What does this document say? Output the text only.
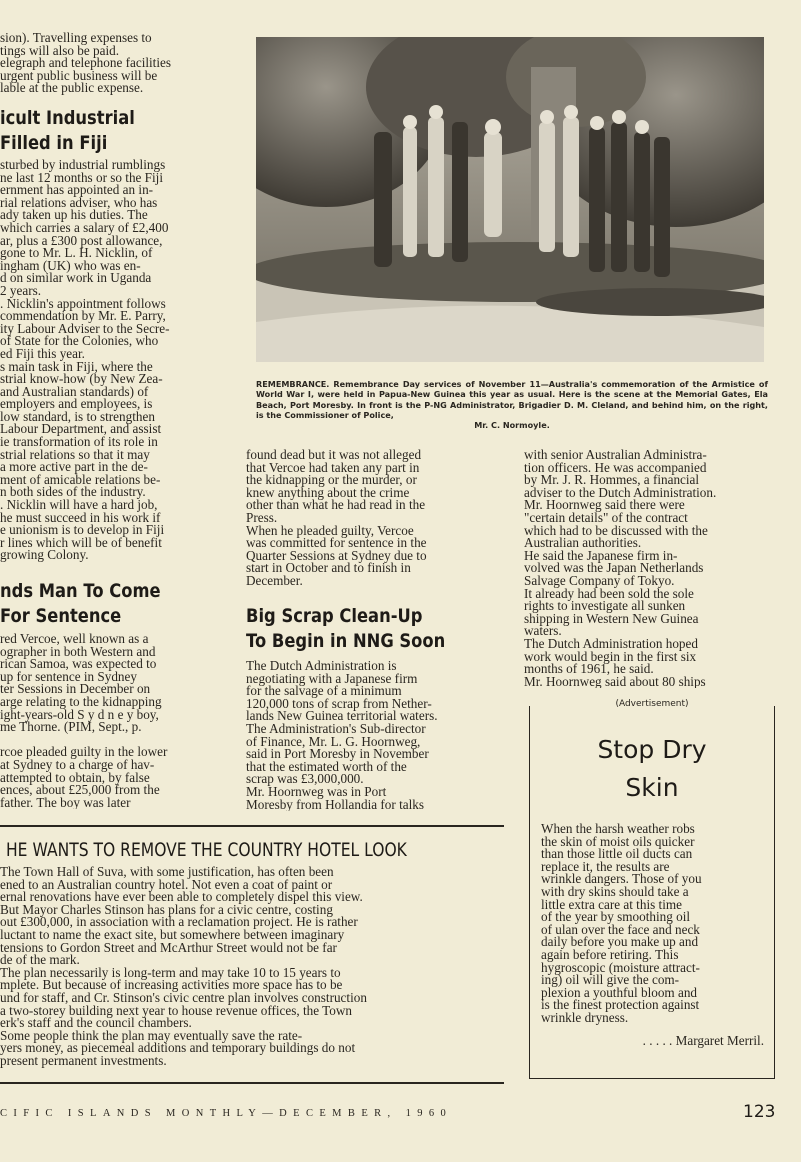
sion). Travelling expenses to
tings will also be paid.
elegraph and telephone facilities
urgent public business will be
lable at the public expense.
icult Industrial
Filled in Fiji
sturbed by industrial rumblings
ne last 12 months or so the Fiji
ernment has appointed an in-
rial relations adviser, who has
ady taken up his duties. The
which carries a salary of £2,400
ar, plus a £300 post allowance,
gone to Mr. L. H. Nicklin, of
ingham (UK) who was en-
d on similar work in Uganda
2 years.
. Nicklin's appointment follows
commendation by Mr. E. Parry,
ity Labour Adviser to the Secre-
of State for the Colonies, who
ed Fiji this year.
s main task in Fiji, where the
strial know-how (by New Zea-
and Australian standards) of
employers and employees, is
low standard, is to strengthen
Labour Department, and assist
ie transformation of its role in
strial relations so that it may
a more active part in the de-
ment of amicable relations be-
n both sides of the industry.
. Nicklin will have a hard job,
he must succeed in his work if
e unionism is to develop in Fiji
r lines which will be of benefit
growing Colony.
nds Man To Come
For Sentence
red Vercoe, well known as a
ographer in both Western and
rican Samoa, was expected to
up for sentence in Sydney
ter Sessions in December on
arge relating to the kidnapping
ight-years-old S y d n e y boy,
me Thorne. (PIM, Sept., p.
rcoe pleaded guilty in the lower
at Sydney to a charge of hav-
attempted to obtain, by false
ences, about £25,000 from the
father. The boy was later
REMEMBRANCE. Remembrance Day services of November 11—Australia's commemoration of the Armistice of World War I, were held in Papua-New Guinea this year as usual. Here is the scene at the Memorial Gates, Ela Beach, Port Moresby. In front is the P-NG Administrator, Brigadier D. M. Cleland, and behind him, on the right, is the Commissioner of Police,
Mr. C. Normoyle.
found dead but it was not alleged
that Vercoe had taken any part in
the kidnapping or the murder, or
knew anything about the crime
other than what he had read in the
Press.
When he pleaded guilty, Vercoe
was committed for sentence in the
Quarter Sessions at Sydney due to
start in October and to finish in
December.
Big Scrap Clean-Up
To Begin in NNG Soon
The Dutch Administration is
negotiating with a Japanese firm
for the salvage of a minimum
120,000 tons of scrap from Nether-
lands New Guinea territorial waters.
The Administration's Sub-director
of Finance, Mr. L. G. Hoornweg,
said in Port Moresby in November
that the estimated worth of the
scrap was £3,000,000.
Mr. Hoornweg was in Port
Moresby from Hollandia for talks
with senior Australian Administra-
tion officers. He was accompanied
by Mr. J. R. Hommes, a financial
adviser to the Dutch Administration.
Mr. Hoornweg said there were
"certain details" of the contract
which had to be discussed with the
Australian authorities.
He said the Japanese firm in-
volved was the Japan Netherlands
Salvage Company of Tokyo.
It already had been sold the sole
rights to investigate all sunken
shipping in Western New Guinea
waters.
The Dutch Administration hoped
work would begin in the first six
months of 1961, he said.
Mr. Hoornweg said about 80 ships
HE WANTS TO REMOVE THE COUNTRY HOTEL LOOK
The Town Hall of Suva, with some justification, has often been
ened to an Australian country hotel. Not even a coat of paint or
ernal renovations have ever been able to completely dispel this view.
But Mayor Charles Stinson has plans for a civic centre, costing
out £300,000, in association with a reclamation project. He is rather
luctant to name the exact site, but somewhere between imaginary
tensions to Gordon Street and McArthur Street would not be far
de of the mark.
The plan necessarily is long-term and may take 10 to 15 years to
mplete. But because of increasing activities more space has to be
und for staff, and Cr. Stinson's civic centre plan involves construction
a two-storey building next year to house revenue offices, the Town
erk's staff and the council chambers.
Some people think the plan may eventually save the rate-
yers money, as piecemeal additions and temporary buildings do not
present permanent investments.
(Advertisement)
Stop Dry
Skin
When the harsh weather robs
the skin of moist oils quicker
than those little oil ducts can
replace it, the results are
wrinkle dangers. Those of you
with dry skins should take a
little extra care at this time
of the year by smoothing oil
of ulan over the face and neck
daily before you make up and
again before retiring. This
hygroscopic (moisture attract-
ing) oil will give the com-
plexion a youthful bloom and
is the finest protection against
wrinkle dryness.
. . . . . Margaret Merril.
CIFIC ISLANDS MONTHLY—DECEMBER, 1960	123
